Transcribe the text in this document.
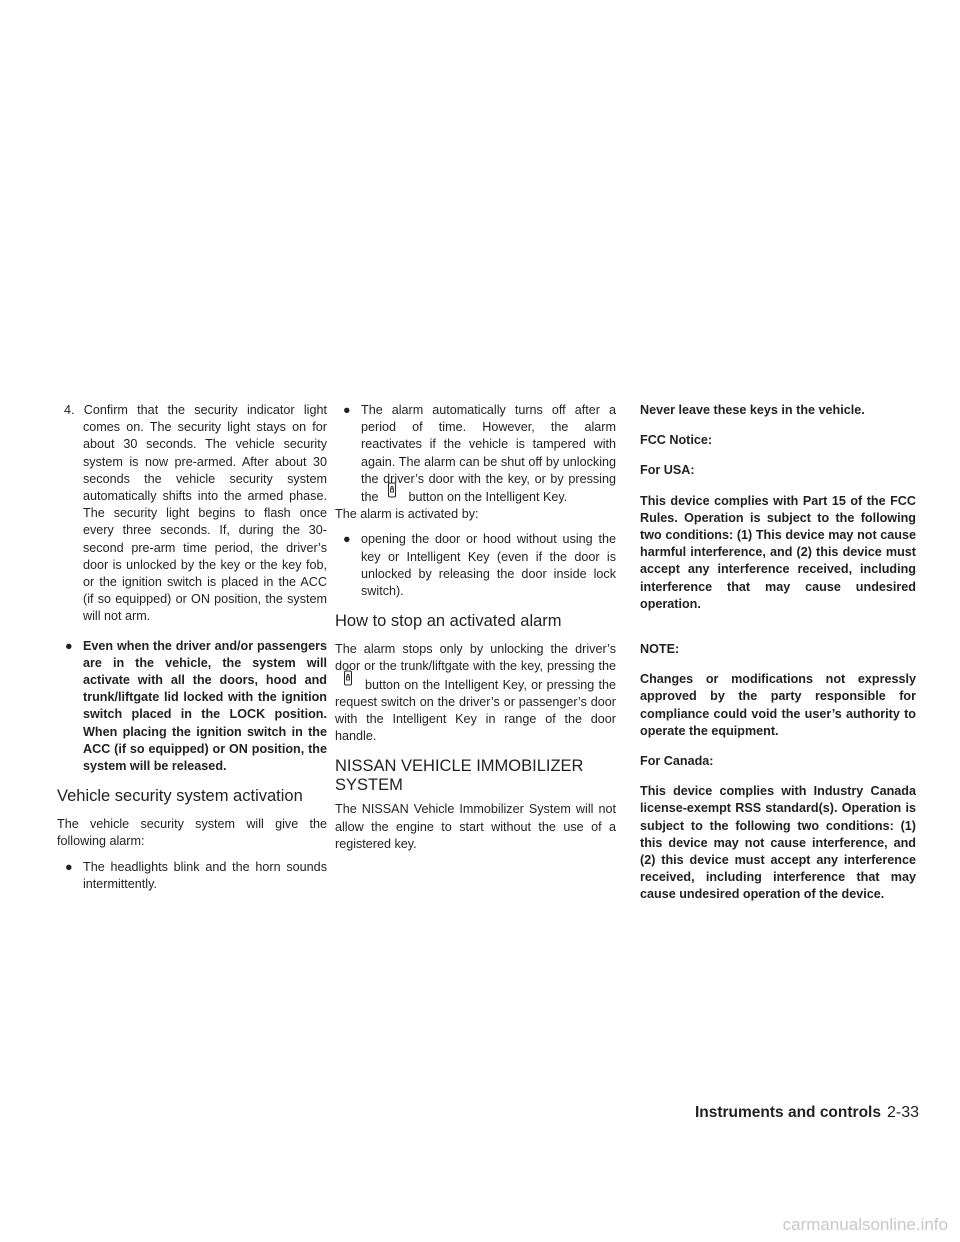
4. Confirm that the security indicator light comes on. The security light stays on for about 30 seconds. The vehicle security system is now pre-armed. After about 30 seconds the vehicle security system automatically shifts into the armed phase. The security light begins to flash once every three seconds. If, during the 30-second pre-arm time period, the driver’s door is unlocked by the key or the key fob, or the ignition switch is placed in the ACC (if so equipped) or ON position, the system will not arm.

● Even when the driver and/or passengers are in the vehicle, the system will activate with all the doors, hood and trunk/liftgate lid locked with the ignition switch placed in the LOCK position. When placing the ignition switch in the ACC (if so equipped) or ON position, the system will be released.

Vehicle security system activation

The vehicle security system will give the following alarm:

● The headlights blink and the horn sounds intermittently.

● The alarm automatically turns off after a period of time. However, the alarm reactivates if the vehicle is tampered with again. The alarm can be shut off by unlocking the driver’s door with the key, or by pressing the button on the Intelligent Key.

The alarm is activated by:

● opening the door or hood without using the key or Intelligent Key (even if the door is unlocked by releasing the door inside lock switch).

How to stop an activated alarm

The alarm stops only by unlocking the driver’s door or the trunk/liftgate with the key, pressing the
button on the Intelligent Key, or pressing the request switch on the driver’s or passenger’s door with the Intelligent Key in range of the door handle.

NISSAN VEHICLE IMMOBILIZER
SYSTEM

The NISSAN Vehicle Immobilizer System will not allow the engine to start without the use of a registered key.

Never leave these keys in the vehicle.

FCC Notice:

For USA:

This device complies with Part 15 of the FCC Rules. Operation is subject to the following two conditions: (1) This device may not cause harmful interference, and (2) this device must accept any interference received, including interference that may cause undesired operation.

NOTE:

Changes or modifications not expressly approved by the party responsible for compliance could void the user’s authority to operate the equipment.

For Canada:

This device complies with Industry Canada license-exempt RSS standard(s). Operation is subject to the following two conditions: (1) this device may not cause interference, and (2) this device must accept any interference received, including interference that may cause undesired operation of the device.

Instruments and controls 2-33
carmanualsonline.info
